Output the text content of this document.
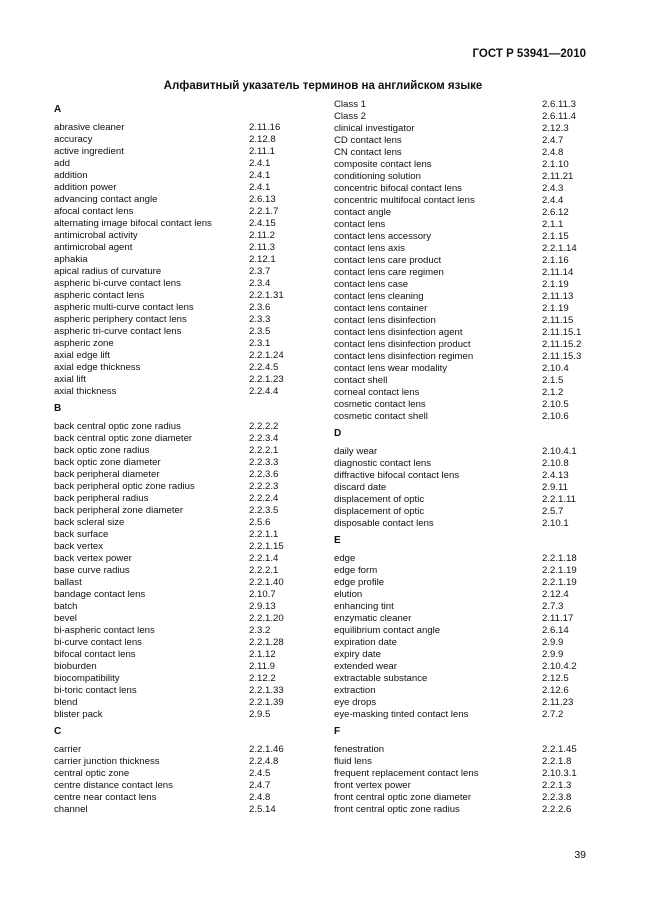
ГОСТ Р 53941—2010
Алфавитный указатель терминов на английском языке
A
abrasive cleaner	2.11.16
accuracy	2.12.8
active ingredient	2.11.1
add	2.4.1
addition	2.4.1
addition power	2.4.1
advancing contact angle	2.6.13
afocal contact lens	2.2.1.7
alternating image bifocal contact lens	2.4.15
antimicrobal activity	2.11.2
antimicrobal agent	2.11.3
aphakia	2.12.1
apical radius of curvature	2.3.7
aspheric bi-curve contact lens	2.3.4
aspheric contact lens	2.2.1.31
aspheric multi-curve contact lens	2.3.6
aspheric periphery contact lens	2.3.3
aspheric tri-curve contact lens	2.3.5
aspheric zone	2.3.1
axial edge lift	2.2.1.24
axial edge thickness	2.2.4.5
axial lift	2.2.1.23
axial thickness	2.2.4.4
B
back central optic zone radius	2.2.2.2
back central optic zone diameter	2.2.3.4
back optic zone radius	2.2.2.1
back optic zone diameter	2.2.3.3
back peripheral diameter	2.2.3.6
back peripheral optic zone radius	2.2.2.3
back peripheral radius	2.2.2.4
back peripheral zone diameter	2.2.3.5
back scleral size	2.5.6
back surface	2.2.1.1
back vertex	2.2.1.15
back vertex power	2.2.1.4
base curve radius	2.2.2.1
ballast	2.2.1.40
bandage contact lens	2.10.7
batch	2.9.13
bevel	2.2.1.20
bi-aspheric contact lens	2.3.2
bi-curve contact lens	2.2.1.28
bifocal contact lens	2.1.12
bioburden	2.11.9
biocompatibility	2.12.2
bi-toric contact lens	2.2.1.33
blend	2.2.1.39
blister pack	2.9.5
C
carrier	2.2.1.46
carrier junction thickness	2.2.4.8
central optic zone	2.4.5
centre distance contact lens	2.4.7
centre near contact lens	2.4.8
channel	2.5.14
Class 1	2.6.11.3
Class 2	2.6.11.4
clinical investigator	2.12.3
CD contact lens	2.4.7
CN contact lens	2.4.8
composite contact lens	2.1.10
conditioning solution	2.11.21
concentric bifocal contact lens	2.4.3
concentric multifocal contact lens	2.4.4
contact angle	2.6.12
contact lens	2.1.1
contact lens accessory	2.1.15
contact lens axis	2.2.1.14
contact lens care product	2.1.16
contact lens care regimen	2.11.14
contact lens case	2.1.19
contact lens cleaning	2.11.13
contact lens container	2.1.19
contact lens disinfection	2.11.15
contact lens disinfection agent	2.11.15.1
contact lens disinfection product	2.11.15.2
contact lens disinfection regimen	2.11.15.3
contact lens wear modality	2.10.4
contact shell	2.1.5
corneal contact lens	2.1.2
cosmetic contact lens	2.10.5
cosmetic contact shell	2.10.6
D
daily wear	2.10.4.1
diagnostic contact lens	2.10.8
diffractive bifocal contact lens	2.4.13
discard date	2.9.11
displacement of optic	2.2.1.11
displacement of optic	2.5.7
disposable contact lens	2.10.1
E
edge	2.2.1.18
edge form	2.2.1.19
edge profile	2.2.1.19
elution	2.12.4
enhancing tint	2.7.3
enzymatic cleaner	2.11.17
equilibrium contact angle	2.6.14
expiration date	2.9.9
expiry date	2.9.9
extended wear	2.10.4.2
extractable substance	2.12.5
extraction	2.12.6
eye drops	2.11.23
eye-masking tinted contact lens	2.7.2
F
fenestration	2.2.1.45
fluid lens	2.2.1.8
frequent replacement contact lens	2.10.3.1
front vertex power	2.2.1.3
front central optic zone diameter	2.2.3.8
front central optic zone radius	2.2.2.6
39
